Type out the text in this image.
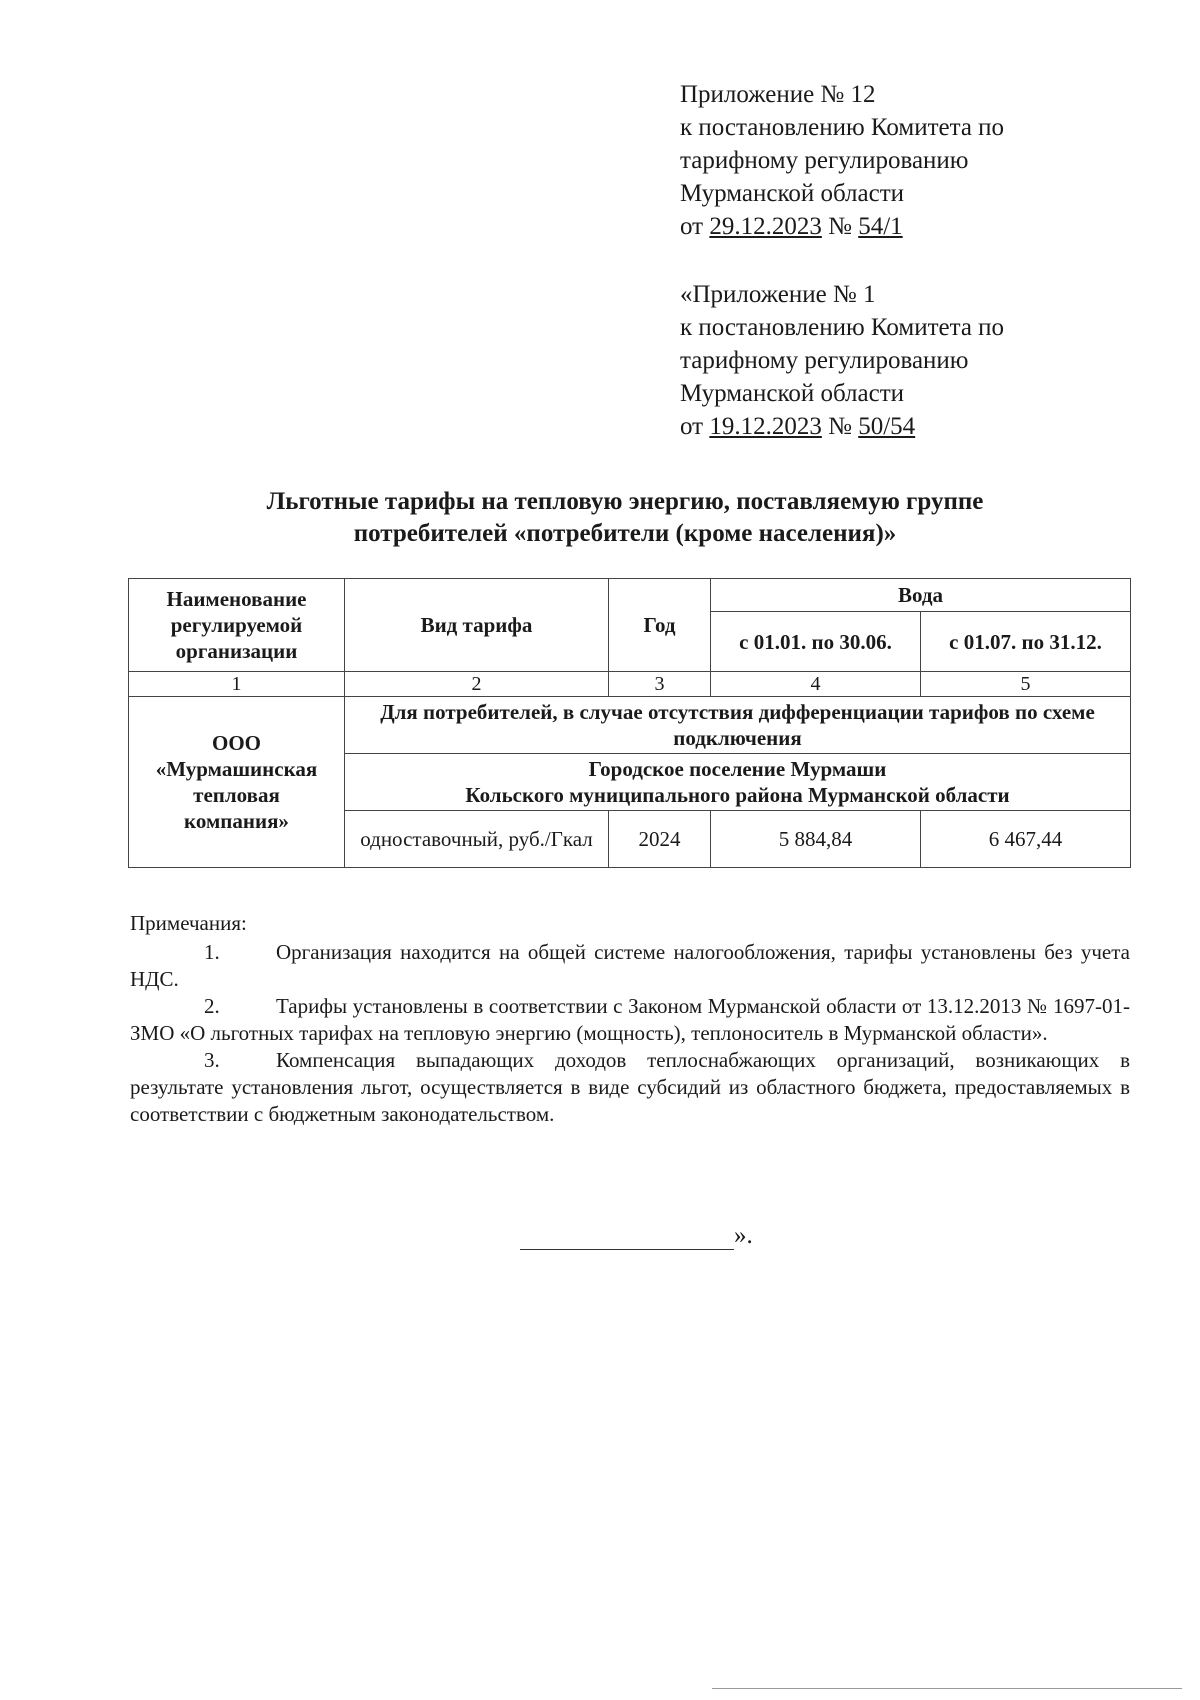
Приложение № 12
к постановлению Комитета по
тарифному регулированию
Мурманской области
от 29.12.2023 № 54/1
«Приложение № 1
к постановлению Комитета по
тарифному регулированию
Мурманской области
от 19.12.2023 № 50/54
Льготные тарифы на тепловую энергию, поставляемую группе
потребителей «потребители (кроме населения)»
Наименование регулируемой организации	Вид тарифа	Год	Вода	
			с 01.01. по 30.06.	с 01.07. по 31.12.
1	2	3	4	5

ООО
«Мурмашинская
тепловая
компания»	Для потребителей, в случае отсутствия дифференциации тарифов по схеме подключения			

	Городское поселение Мурмаши
Кольского муниципального района Мурманской области			

	одноставочный, руб./Гкал	2024	5 884,84	6 467,44
Примечания:

1.	Организация находится на общей системе налогообложения, тарифы установлены без учета НДС.

2.	Тарифы установлены в соответствии с Законом Мурманской области от 13.12.2013 № 1697-01-ЗМО «О льготных тарифах на тепловую энергию (мощность), теплоноситель в Мурманской области».

3.	Компенсация выпадающих доходов теплоснабжающих организаций, возникающих в результате установления льгот, осуществляется в виде субсидий из областного бюджета, предоставляемых в соответствии с бюджетным законодательством.

».
